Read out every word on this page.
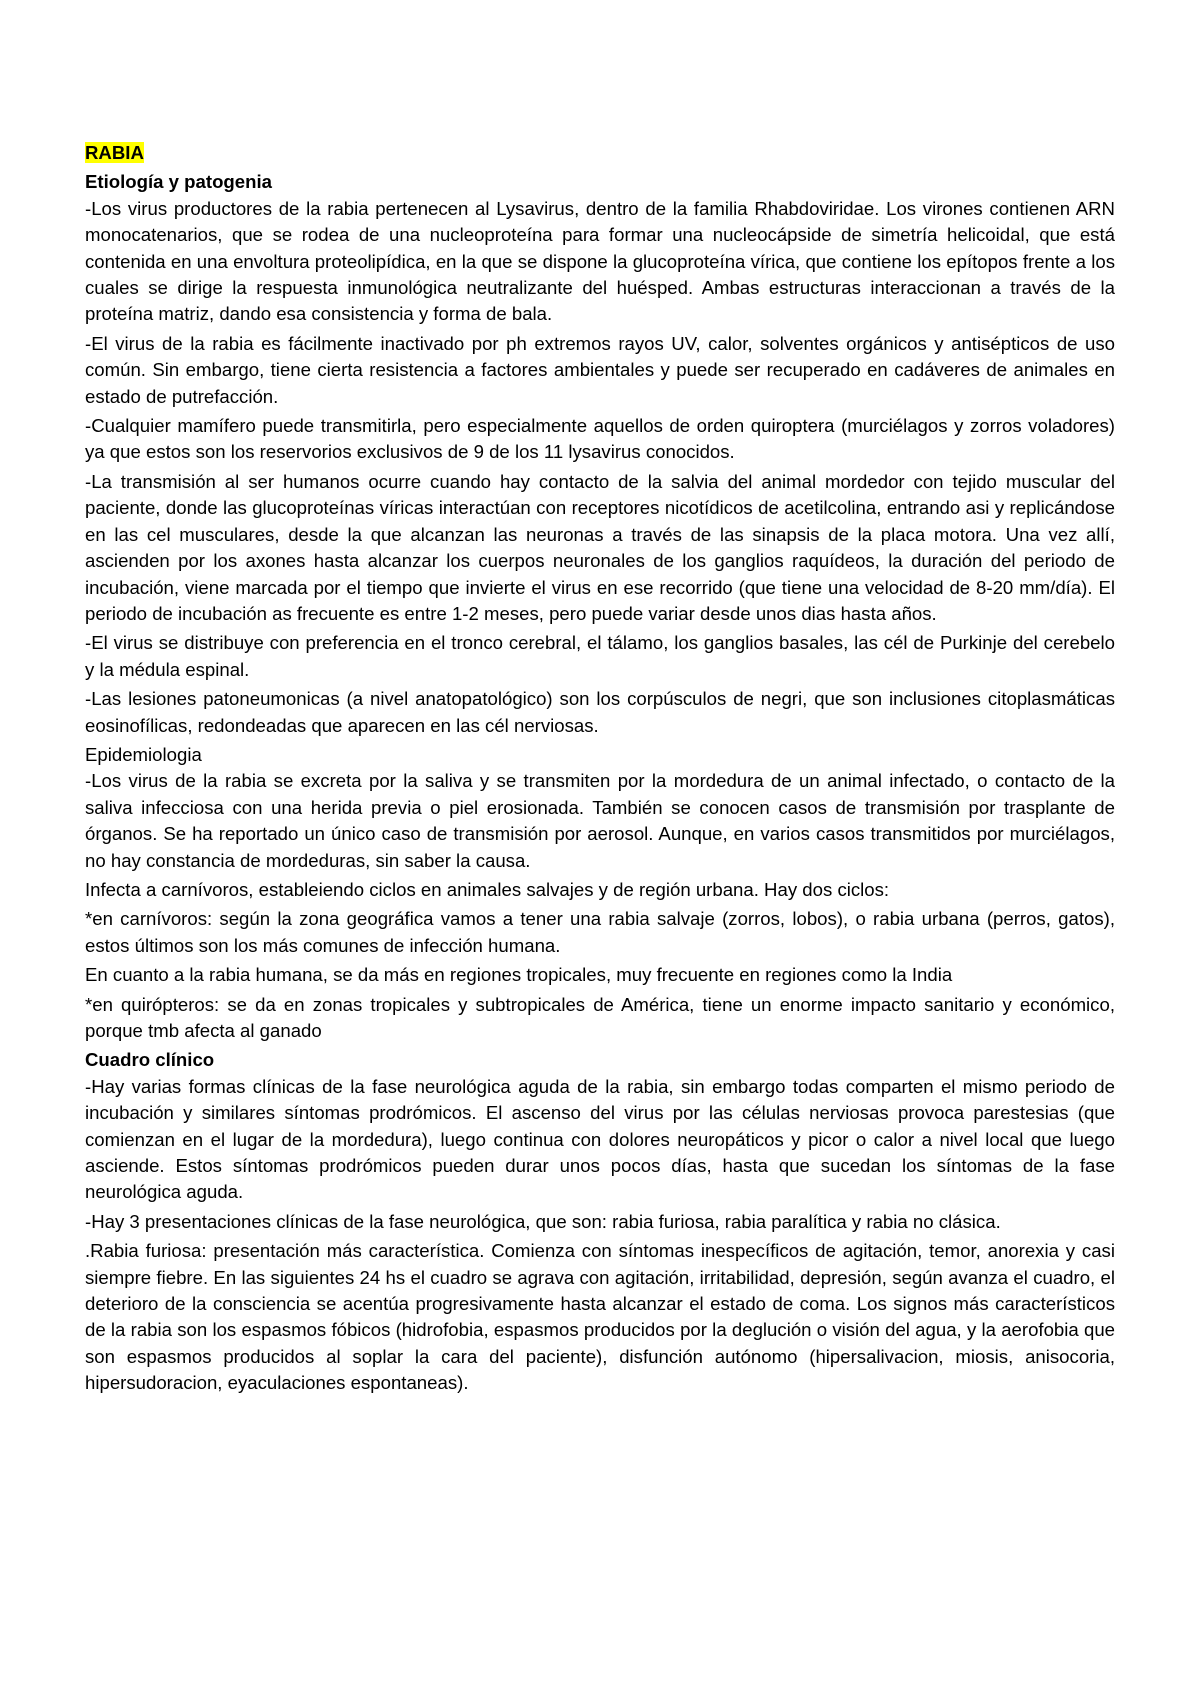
RABIA
Etiología y patogenia

-Los virus productores de la rabia pertenecen al Lysavirus, dentro de la familia Rhabdoviridae. Los virones contienen ARN monocatenarios, que se rodea de una nucleoproteína para formar una nucleocápside de simetría helicoidal, que está contenida en una envoltura proteolipídica, en la que se dispone la glucoproteína vírica, que contiene los epítopos frente a los cuales se dirige la respuesta inmunológica neutralizante del huésped. Ambas estructuras interaccionan a través de la proteína matriz, dando esa consistencia y forma de bala.

-El virus de la rabia es fácilmente inactivado por ph extremos rayos UV, calor, solventes orgánicos y antisépticos de uso común. Sin embargo, tiene cierta resistencia a factores ambientales y puede ser recuperado en cadáveres de animales en estado de putrefacción.

-Cualquier mamífero puede transmitirla, pero especialmente aquellos de orden quiroptera (murciélagos y zorros voladores) ya que estos son los reservorios exclusivos de 9 de los 11 lysavirus conocidos.

-La transmisión al ser humanos ocurre cuando hay contacto de la salvia del animal mordedor con tejido muscular del paciente, donde las glucoproteínas víricas interactúan con receptores nicotídicos de acetilcolina, entrando asi y replicándose en las cel musculares, desde la que alcanzan las neuronas a través de las sinapsis de la placa motora. Una vez allí, ascienden por los axones hasta alcanzar los cuerpos neuronales de los ganglios raquídeos, la duración del periodo de incubación, viene marcada por el tiempo que invierte el virus en ese recorrido (que tiene una velocidad de 8-20 mm/día). El periodo de incubación as frecuente es entre 1-2 meses, pero puede variar desde unos dias hasta años.

-El virus se distribuye con preferencia en el tronco cerebral, el tálamo, los ganglios basales, las cél de Purkinje del cerebelo y la médula espinal.

-Las lesiones patoneumonicas (a nivel anatopatológico) son los corpúsculos de negri, que son inclusiones citoplasmáticas eosinofílicas, redondeadas que aparecen en las cél nerviosas.

Epidemiologia

-Los virus de la rabia se excreta por la saliva y se transmiten por la mordedura de un animal infectado, o contacto de la saliva infecciosa con una herida previa o piel erosionada. También se conocen casos de transmisión por trasplante de órganos. Se ha reportado un único caso de transmisión por aerosol. Aunque, en varios casos transmitidos por murciélagos, no hay constancia de mordeduras, sin saber la causa.

Infecta a carnívoros, estableiendo ciclos en animales salvajes y de región urbana. Hay dos ciclos:

*en carnívoros: según la zona geográfica vamos a tener una rabia salvaje (zorros, lobos), o rabia urbana (perros, gatos), estos últimos son los más comunes de infección humana.

En cuanto a la rabia humana, se da más en regiones tropicales, muy frecuente en regiones como la India

*en quirópteros: se da en zonas tropicales y subtropicales de América, tiene un enorme impacto sanitario y económico, porque tmb afecta al ganado

Cuadro clínico

-Hay varias formas clínicas de la fase neurológica aguda de la rabia, sin embargo todas comparten el mismo periodo de incubación y similares síntomas prodrómicos. El ascenso del virus por las células nerviosas provoca parestesias (que comienzan en el lugar de la mordedura), luego continua con dolores neuropáticos y picor o calor a nivel local que luego asciende. Estos síntomas prodrómicos pueden durar unos pocos días, hasta que sucedan los síntomas de la fase neurológica aguda.

-Hay 3 presentaciones clínicas de la fase neurológica, que son: rabia furiosa, rabia paralítica y rabia no clásica.

.Rabia furiosa: presentación más característica. Comienza con síntomas inespecíficos de agitación, temor, anorexia y casi siempre fiebre. En las siguientes 24 hs el cuadro se agrava con agitación, irritabilidad, depresión, según avanza el cuadro, el deterioro de la consciencia se acentúa progresivamente hasta alcanzar el estado de coma. Los signos más característicos de la rabia son los espasmos fóbicos (hidrofobia, espasmos producidos por la deglución o visión del agua, y la aerofobia que son espasmos producidos al soplar la cara del paciente), disfunción autónomo (hipersalivacion, miosis, anisocoria, hipersudoracion, eyaculaciones espontaneas).
